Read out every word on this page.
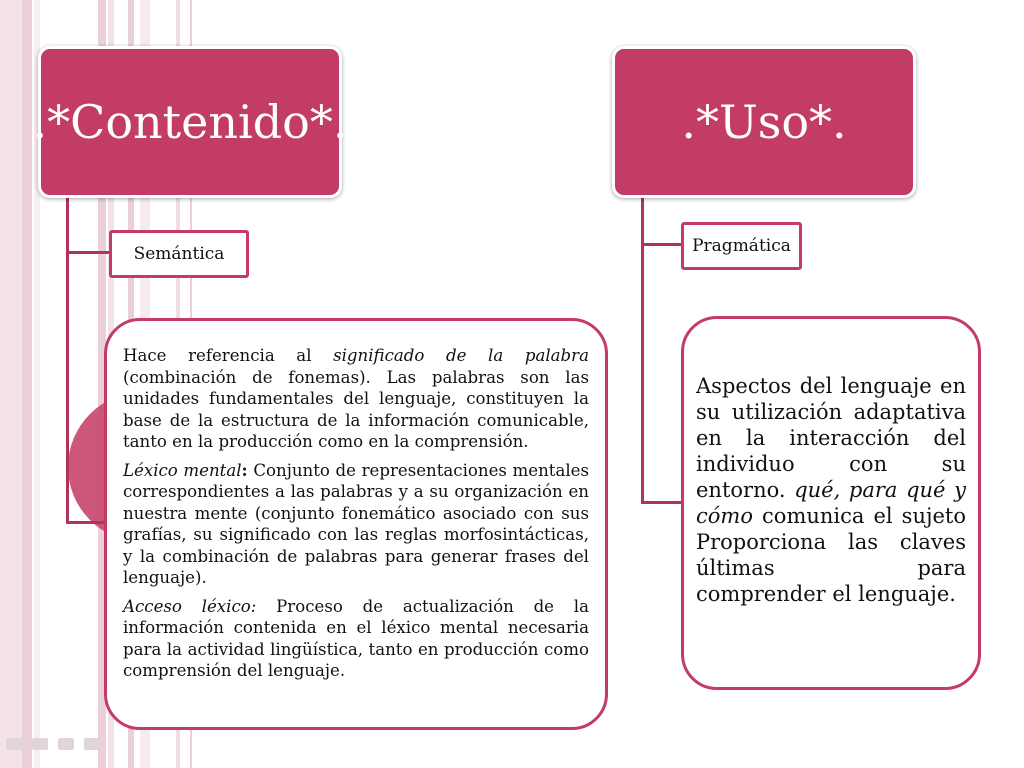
.*Contenido*.	.*Uso*.
Semántica	Pragmática

Hace referencia al significado de la palabra (combinación de fonemas). Las palabras son las unidades fundamentales del lenguaje, constituyen la base de la estructura de la información comunicable, tanto en la producción como en la comprensión.

Léxico mental: Conjunto de representaciones mentales correspondientes a las palabras y a su organización en nuestra mente (conjunto fonemático asociado con sus grafías, su significado con las reglas morfosintácticas, y la combinación de palabras para generar frases del lenguaje).

Acceso léxico: Proceso de actualización de la información contenida en el léxico mental necesaria para la actividad lingüística, tanto en producción como comprensión del lenguaje.

Aspectos del lenguaje en su utilización adaptativa en la interacción del individuo con su entorno. qué, para qué y cómo comunica el sujeto Proporciona las claves últimas para comprender el lenguaje.
